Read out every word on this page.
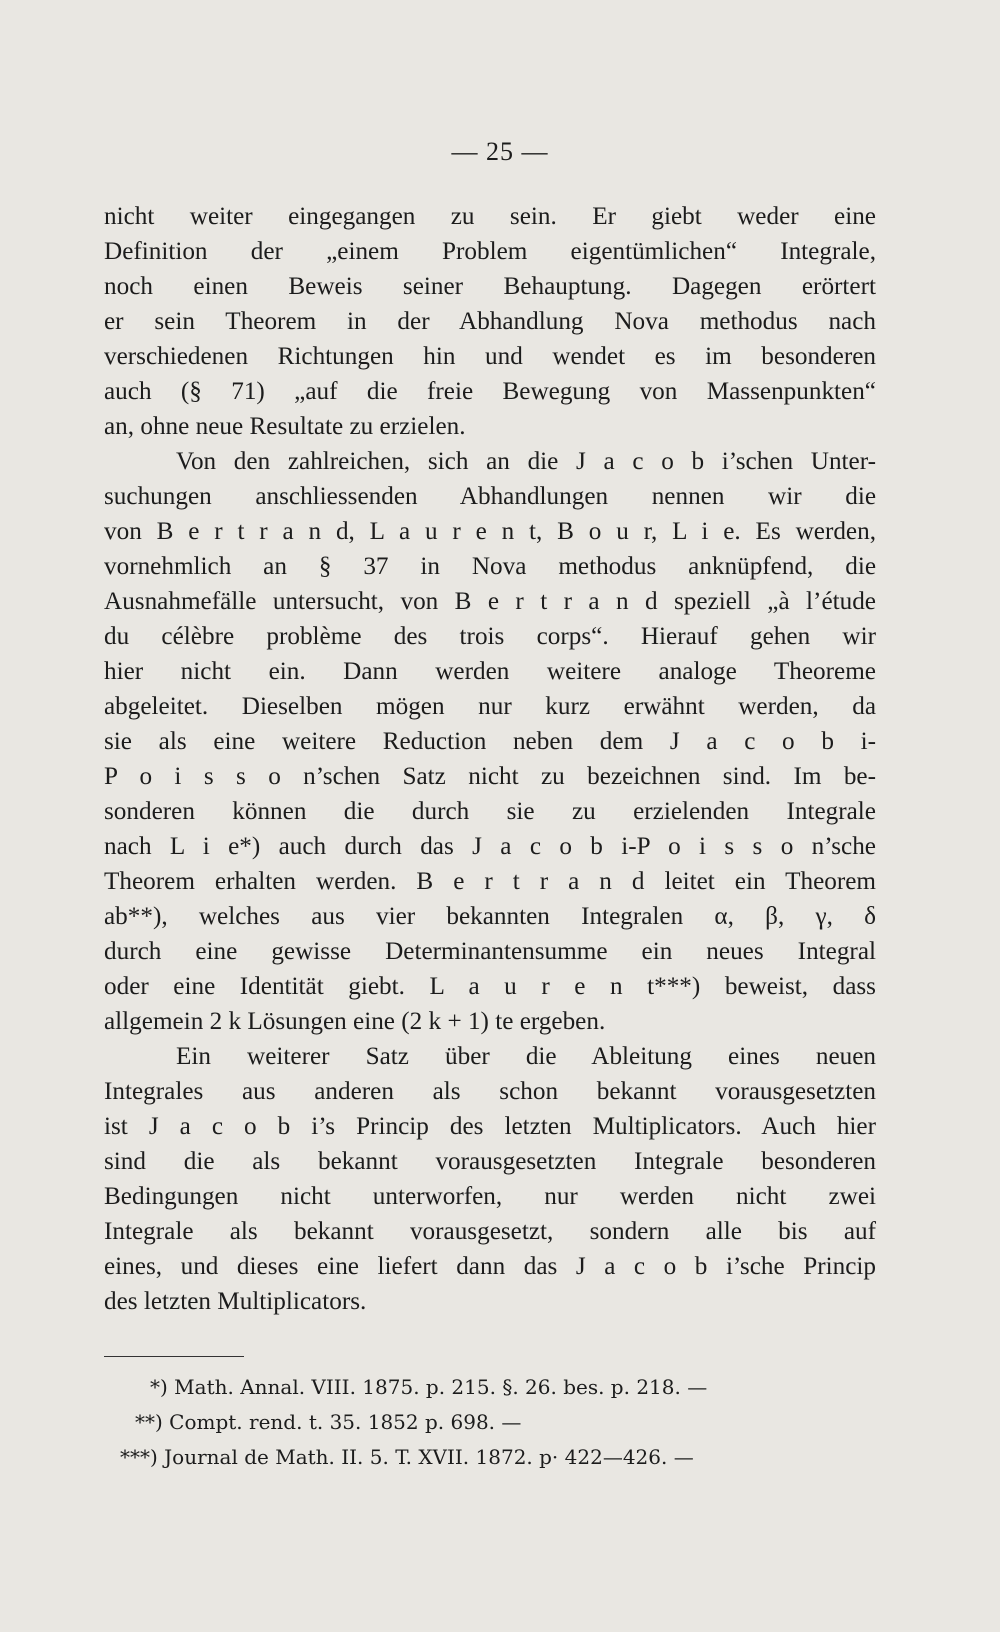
— 25 —
nicht weiter eingegangen zu sein. Er giebt weder eine
Definition der „einem Problem eigentümlichen“ Integrale,
noch einen Beweis seiner Behauptung. Dagegen erörtert
er sein Theorem in der Abhandlung Nova methodus nach
verschiedenen Richtungen hin und wendet es im besonderen
auch (§ 71) „auf die freie Bewegung von Massenpunkten“
an, ohne neue Resultate zu erzielen.
Von den zahlreichen, sich an die J a c o b i’schen Unter-
suchungen anschliessenden Abhandlungen nennen wir die
von B e r t r a n d, L a u r e n t, B o u r, L i e. Es werden,
vornehmlich an § 37 in Nova methodus anknüpfend, die
Ausnahmefälle untersucht, von B e r t r a n d speziell „à l’étude
du célèbre problème des trois corps“. Hierauf gehen wir
hier nicht ein. Dann werden weitere analoge Theoreme
abgeleitet. Dieselben mögen nur kurz erwähnt werden, da
sie als eine weitere Reduction neben dem J a c o b i-
P o i s s o n’schen Satz nicht zu bezeichnen sind. Im be-
sonderen können die durch sie zu erzielenden Integrale
nach L i e*) auch durch das J a c o b i-P o i s s o n’sche
Theorem erhalten werden. B e r t r a n d leitet ein Theorem
ab**), welches aus vier bekannten Integralen α, β, γ, δ
durch eine gewisse Determinantensumme ein neues Integral
oder eine Identität giebt. L a u r e n t***) beweist, dass
allgemein 2 k Lösungen eine (2 k + 1) te ergeben.
Ein weiterer Satz über die Ableitung eines neuen
Integrales aus anderen als schon bekannt vorausgesetzten
ist J a c o b i’s Princip des letzten Multiplicators. Auch hier
sind die als bekannt vorausgesetzten Integrale besonderen
Bedingungen nicht unterworfen, nur werden nicht zwei
Integrale als bekannt vorausgesetzt, sondern alle bis auf
eines, und dieses eine liefert dann das J a c o b i’sche Princip
des letzten Multiplicators.
*) Math. Annal. VIII. 1875. p. 215. §. 26. bes. p. 218. —
**) Compt. rend. t. 35. 1852 p. 698. —
***) Journal de Math. II. 5. T. XVII. 1872. p· 422—426. —
